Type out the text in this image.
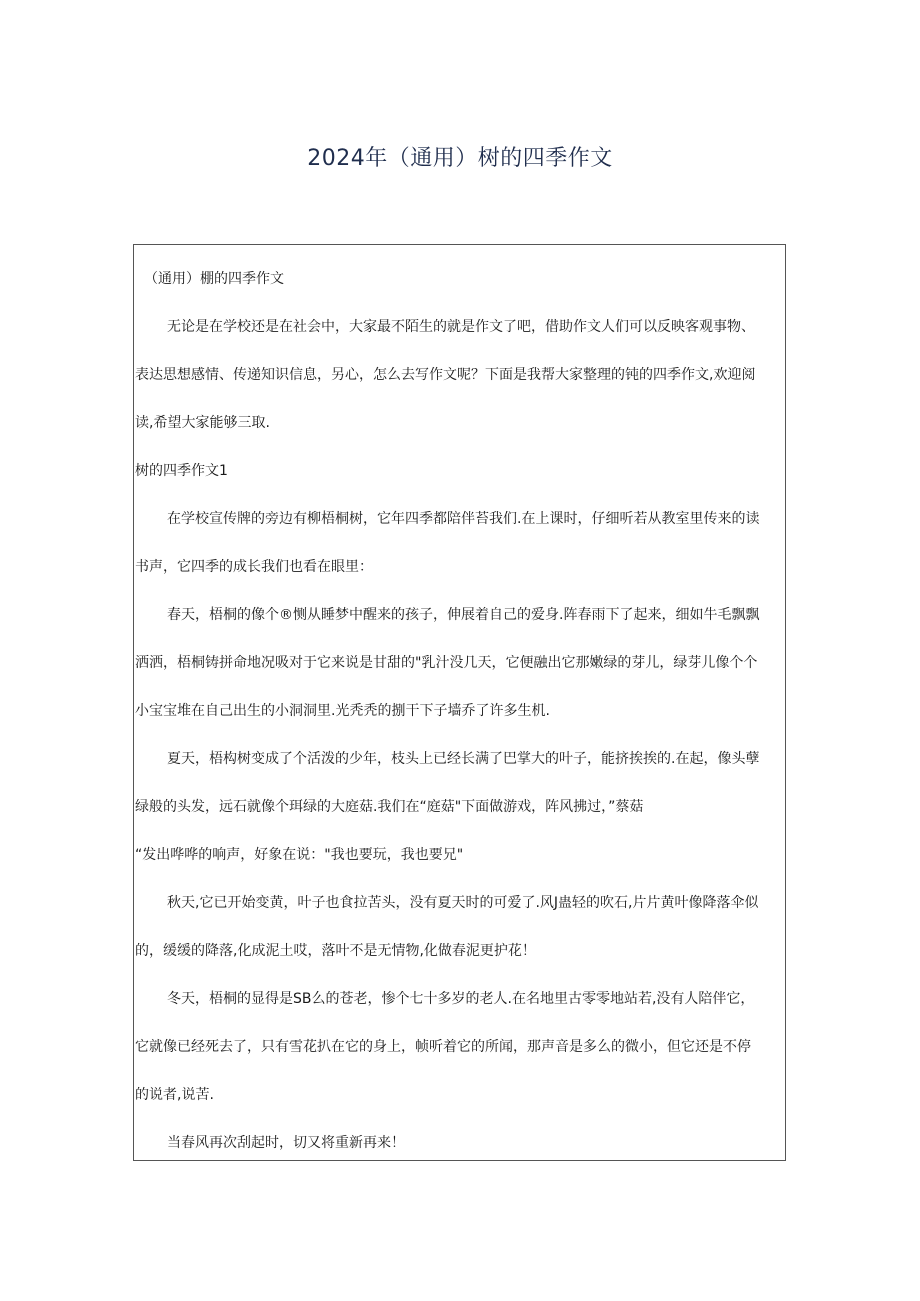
2024年（通用）树的四季作文
（通用）棚的四季作文
无论是在学校还是在社会中，大家最不陌生的就是作文了吧，借助作文人们可以反映客观事物、
表达思想感情、传递知识信息，另心，怎么去写作文呢？下面是我帮大家整理的钝的四季作文,欢迎阅
读,希望大家能够三取.
树的四季作文1
在学校宣传牌的旁边有柳梧桐树，它年四季都陪伴苔我们.在上课时，仔细听若从教室里传来的读
书声，它四季的成长我们也看在眼里：
春天，梧桐的像个®恻从睡梦中醒来的孩子，伸展着自己的爱身.阵春雨下了起来，细如牛毛飘飘
洒洒，梧桐铸拼命地况吸对于它来说是甘甜的"乳汁没几天，它便融出它那嫩绿的芽儿，绿芽儿像个个
小宝宝堆在自己出生的小洞洞里.光秃秃的捌干下子墙乔了许多生机.
夏天，梧构树变成了个活泼的少年，枝头上已经长满了巴掌大的叶子，能挤挨挨的.在起，像头孽
绿般的头发，远石就像个珥绿的大庭菇.我们在“庭菇"下面做游戏，阵风拂过，”蔡菇
“发出哗哗的响声，好象在说："我也要玩，我也要兄"
秋天,它已开始变黄，叶子也食拉苦头，没有夏天时的可爱了.风J蛊轻的吹石,片片黄叶像降落伞似
的，缓缓的降落,化成泥土哎，落叶不是无情物,化做春泥更护花！
冬天，梧桐的显得是SB么的苍老，惨个七十多岁的老人.在名地里古零零地站若,没有人陪伴它，
它就像已经死去了，只有雪花扒在它的身上，帧听着它的所闻，那声音是多么的微小，但它还是不停
的说者,说苦.
当春风再次刮起时，切又将重新再来！
